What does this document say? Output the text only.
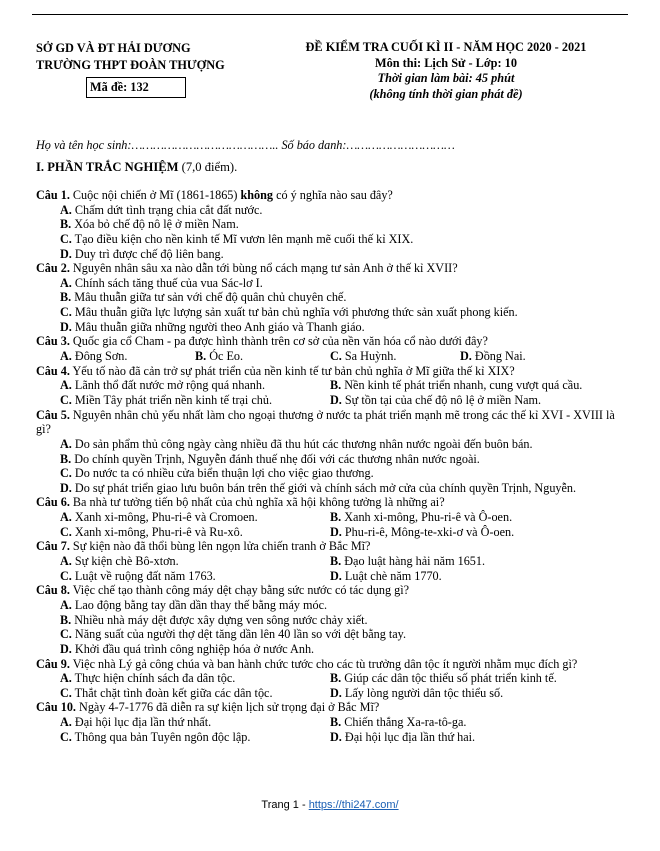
SỞ GD VÀ ĐT HẢI DƯƠNG
TRƯỜNG THPT ĐOÀN THƯỢNG
Mã đề: 132
ĐỀ KIỂM TRA CUỐI KÌ II - NĂM HỌC 2020 - 2021
Môn thi: Lịch Sử - Lớp: 10
Thời gian làm bài: 45 phút
(không tính thời gian phát đề)
Họ và tên học sinh:………………………………….. Số báo danh:…………………………
I. PHẦN TRẮC NGHIỆM (7,0 điểm).
Câu 1. Cuộc nội chiến ở Mĩ (1861-1865) không có ý nghĩa nào sau đây?
A. Chấm dứt tình trạng chia cắt đất nước.
B. Xóa bỏ chế độ nô lệ ở miền Nam.
C. Tạo điều kiện cho nền kinh tế Mĩ vươn lên mạnh mẽ cuối thế kỉ XIX.
D. Duy trì được chế độ liên bang.
Câu 2. Nguyên nhân sâu xa nào dẫn tới bùng nổ cách mạng tư sản Anh ở thế kỉ XVII?
A. Chính sách tăng thuế của vua Sác-lơ I.
B. Mâu thuẫn giữa tư sản với chế độ quân chủ chuyên chế.
C. Mâu thuẫn giữa lực lượng sản xuất tư bản chủ nghĩa với phương thức sản xuất phong kiến.
D. Mâu thuẫn giữa những người theo Anh giáo và Thanh giáo.
Câu 3. Quốc gia cổ Cham - pa được hình thành trên cơ sở của nền văn hóa cổ nào dưới đây?
A. Đông Sơn.	B. Óc Eo.	C. Sa Huỳnh.	D. Đồng Nai.
Câu 4. Yếu tố nào đã cản trở sự phát triển của nền kinh tế tư bản chủ nghĩa ở Mĩ giữa thế kỉ XIX?
A. Lãnh thổ đất nước mở rộng quá nhanh.	B. Nền kinh tế phát triển nhanh, cung vượt quá cầu.
C. Miền Tây phát triển nền kinh tế trại chủ.	D. Sự tồn tại của chế độ nô lệ ở miền Nam.
Câu 5. Nguyên nhân chủ yếu nhất làm cho ngoại thương ở nước ta phát triển mạnh mẽ trong các thế kỉ XVI - XVIII là gì?
A. Do sản phẩm thủ công ngày càng nhiều đã thu hút các thương nhân nước ngoài đến buôn bán.
B. Do chính quyền Trịnh, Nguyễn đánh thuế nhẹ đối với các thương nhân nước ngoài.
C. Do nước ta có nhiều cửa biển thuận lợi cho việc giao thương.
D. Do sự phát triển giao lưu buôn bán trên thế giới và chính sách mở cửa của chính quyền Trịnh, Nguyễn.
Câu 6. Ba nhà tư tưởng tiến bộ nhất của chủ nghĩa xã hội không tưởng là những ai?
A. Xanh xi-mông, Phu-ri-ê và Cromoen.	B. Xanh xi-mông, Phu-ri-ê và Ô-oen.
C. Xanh xi-mông, Phu-ri-ê và Ru-xô.	D. Phu-ri-ê, Mông-te-xki-ơ và Ô-oen.
Câu 7. Sự kiện nào đã thổi bùng lên ngọn lửa chiến tranh ở Bắc Mĩ?
A. Sự kiện chè Bô-xtơn.	B. Đạo luật hàng hải năm 1651.
C. Luật về ruộng đất năm 1763.	D. Luật chè năm 1770.
Câu 8. Việc chế tạo thành công máy dệt chạy bằng sức nước có tác dụng gì?
A. Lao động bằng tay dần dần thay thế bằng máy móc.
B. Nhiều nhà máy dệt được xây dựng ven sông nước chảy xiết.
C. Năng suất của người thợ dệt tăng dần lên 40 lần so với dệt bằng tay.
D. Khởi đầu quá trình công nghiệp hóa ở nước Anh.
Câu 9. Việc nhà Lý gả công chúa và ban hành chức tước cho các tù trưởng dân tộc ít người nhằm mục đích gì?
A. Thực hiện chính sách đa dân tộc.	B. Giúp các dân tộc thiểu số phát triển kinh tế.
C. Thắt chặt tình đoàn kết giữa các dân tộc.	D. Lấy lòng người dân tộc thiểu số.
Câu 10. Ngày 4-7-1776 đã diễn ra sự kiện lịch sử trọng đại ở Bắc Mĩ?
A. Đại hội lục địa lần thứ nhất.	B. Chiến thắng Xa-ra-tô-ga.
C. Thông qua bản Tuyên ngôn độc lập.	D. Đại hội lục địa lần thứ hai.
Trang 1 - https://thi247.com/
